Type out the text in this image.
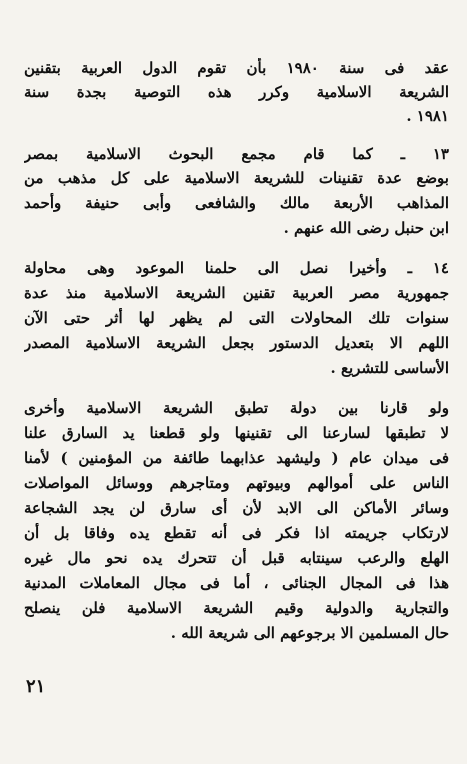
عقد فى سنة ١٩٨٠ بأن تقوم الدول العربية بتقنين
الشريعة الاسلامية وكرر هذه التوصية بجدة سنة
١٩٨١ .
١٣ ـ كما قام مجمع البحوث الاسلامية بمصر
بوضع عدة تقنينات للشريعة الاسلامية على كل مذهب من
المذاهب الأربعة مالك والشافعى وأبى حنيفة وأحمد
ابن حنبل رضى الله عنهم .
١٤ ـ وأخيرا نصل الى حلمنا الموعود وهى محاولة
جمهورية مصر العربية تقنين الشريعة الاسلامية منذ عدة
سنوات تلك المحاولات التى لم يظهر لها أثر حتى الآن
اللهم الا بتعديل الدستور بجعل الشريعة الاسلامية المصدر
الأساسى للتشريع .
ولو قارنا بين دولة تطبق الشريعة الاسلامية وأخرى
لا تطبقها لسارعنا الى تقنينها ولو قطعنا يد السارق علنا
فى ميدان عام ( وليشهد عذابهما طائفة من المؤمنين ) لأمنا
الناس على أموالهم وبيوتهم ومتاجرهم ووسائل المواصلات
وسائر الأماكن الى الابد لأن أى سارق لن يجد الشجاعة
لارتكاب جريمته اذا فكر فى أنه تقطع يده وفاقا بل أن
الهلع والرعب سينتابه قبل أن تتحرك يده نحو مال غيره
هذا فى المجال الجنائى ، أما فى مجال المعاملات المدنية
والتجارية والدولية وقيم الشريعة الاسلامية فلن ينصلح
حال المسلمين الا برجوعهم الى شريعة الله .
٢١
